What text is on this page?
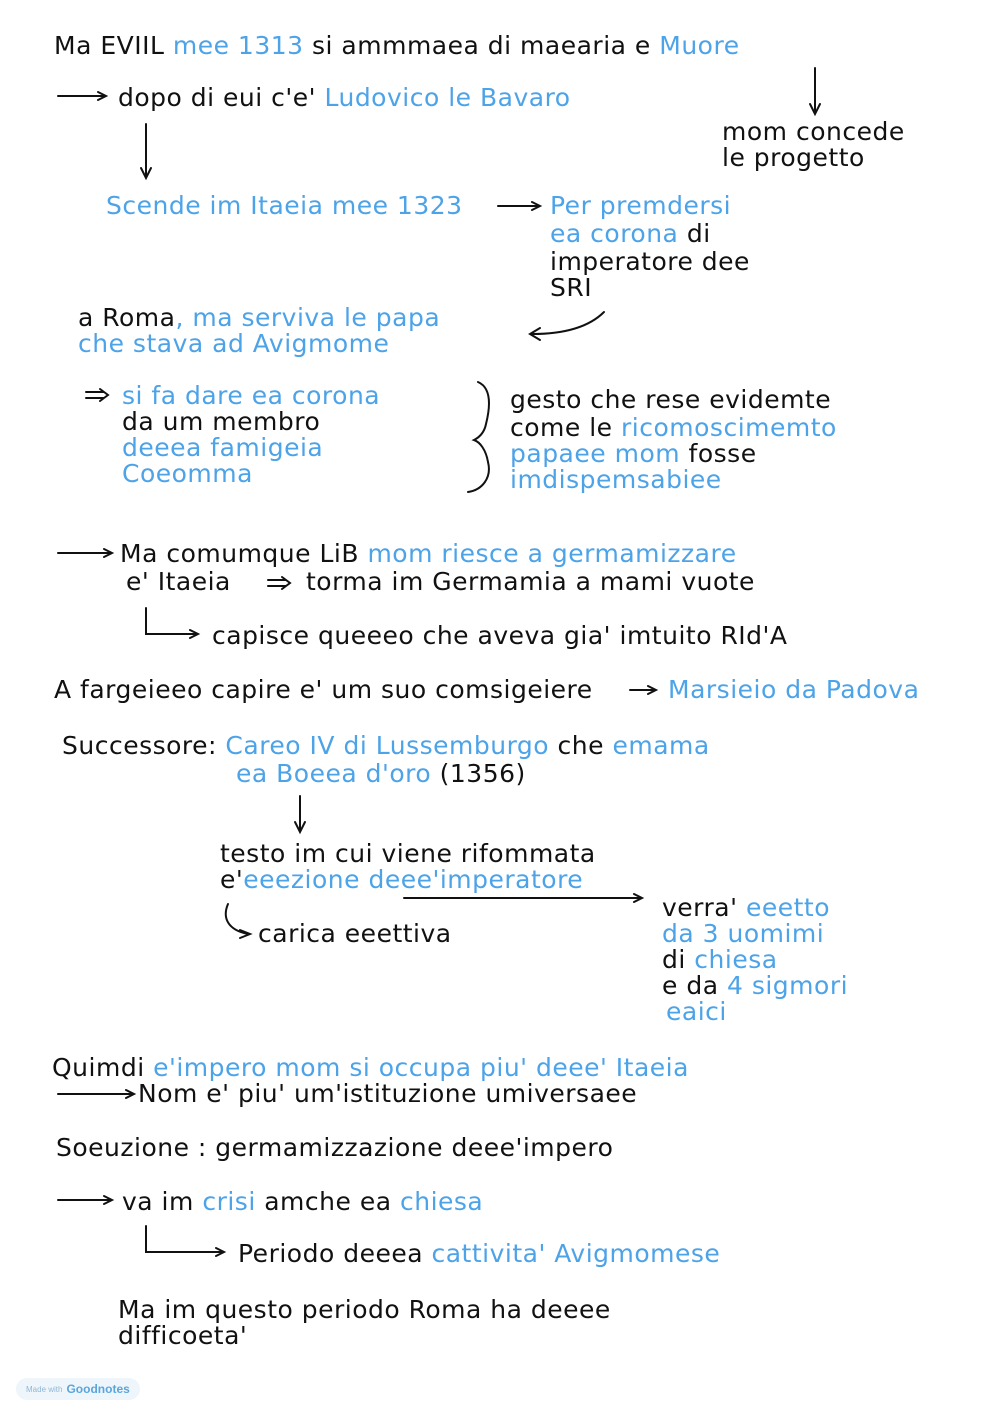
Ma EVIIL mee 1313 si ammmaea di maearia e Muore
dopo di eui c'e' Ludovico le Bavaro
mom concede
le progetto
Scende im Itaeia mee 1323	Per premdersi
ea corona di
imperatore dee
SRI
a Roma, ma serviva le papa
che stava ad Avigmome
si fa dare ea corona
da um membro
deeea famigeia
Coeomma
gesto che rese evidemte
come le ricomoscimemto
papaee mom fosse
imdispemsabiee
Ma comumque LiB mom riesce a germamizzare
e' Itaeia	torma im Germamia a mami vuote
capisce queeeo che aveva gia' imtuito RId'A
A fargeieeo capire e' um suo comsigeiere	Marsieio da Padova
Successore: Careo IV di Lussemburgo che emama
ea Boeea d'oro (1356)
testo im cui viene rifommata
e'eeezione deee'imperatore
verra' eeetto
da 3 uomimi
di chiesa
e da 4 sigmori
eaici
carica eeettiva
Quimdi e'impero mom si occupa piu' deee' Itaeia
Nom e' piu' um'istituzione umiversaee
Soeuzione : germamizzazione deee'impero
va im crisi amche ea chiesa
Periodo deeea cattivita' Avigmomese
Ma im questo periodo Roma ha deeee
difficoeta'
Made with Goodnotes
